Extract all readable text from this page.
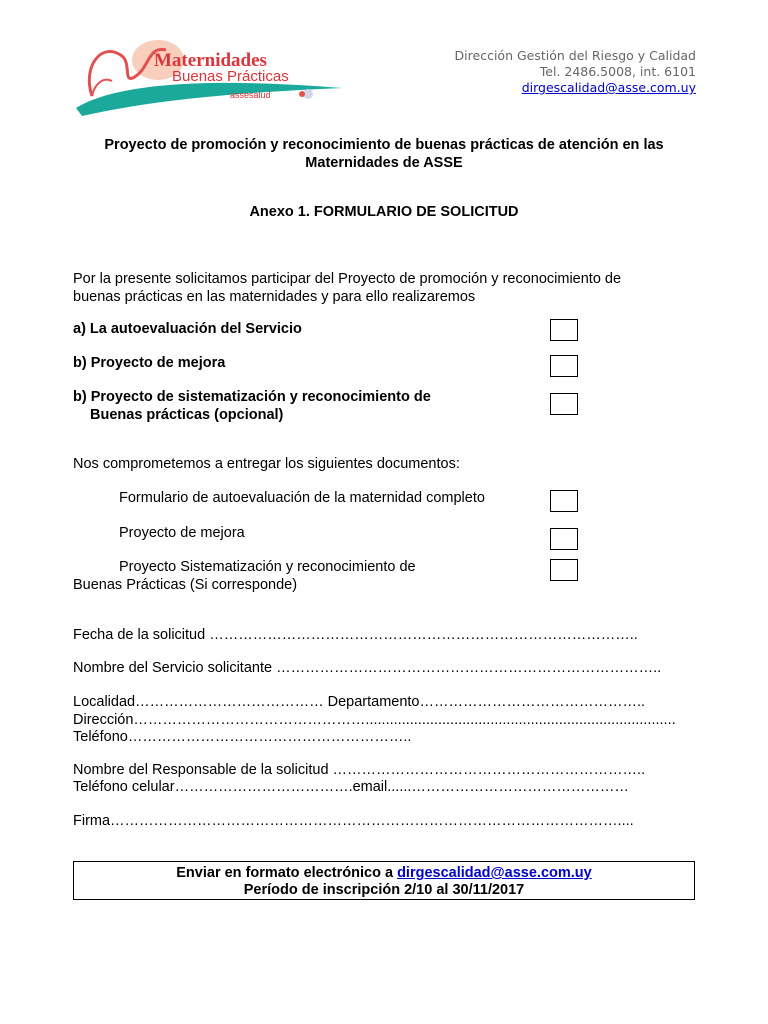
Maternidades
Buenas Prácticas
assesalud
Dirección Gestión del Riesgo y Calidad
Tel. 2486.5008, int. 6101
dirgescalidad@asse.com.uy
Proyecto de promoción y reconocimiento de buenas prácticas de atención en las
Maternidades de ASSE
Anexo 1. FORMULARIO DE SOLICITUD
Por la presente solicitamos participar del Proyecto de promoción y reconocimiento de
buenas prácticas en las maternidades y para ello realizaremos
a) La autoevaluación del Servicio
b) Proyecto de mejora
b) Proyecto de sistematización y reconocimiento de
Buenas prácticas (opcional)
Nos comprometemos a entregar los siguientes documentos:
Formulario de autoevaluación de la maternidad completo
Proyecto de mejora
Proyecto Sistematización y reconocimiento de
Buenas Prácticas (Si corresponde)
Fecha de la solicitud ……………………………………………………………………………..
Nombre del Servicio solicitante ……………………………………………………………………..
Localidad………………………………… Departamento………………………………………..
Dirección………………………………………….............................................................................
Teléfono…………………………………………………..
Nombre del Responsable de la solicitud ………………………………………………………..
Teléfono celular……………………………….email......………………………………………
Firma……………………………………………………………………………………………....
Enviar en formato electrónico a dirgescalidad@asse.com.uy
Período de inscripción 2/10 al 30/11/2017
